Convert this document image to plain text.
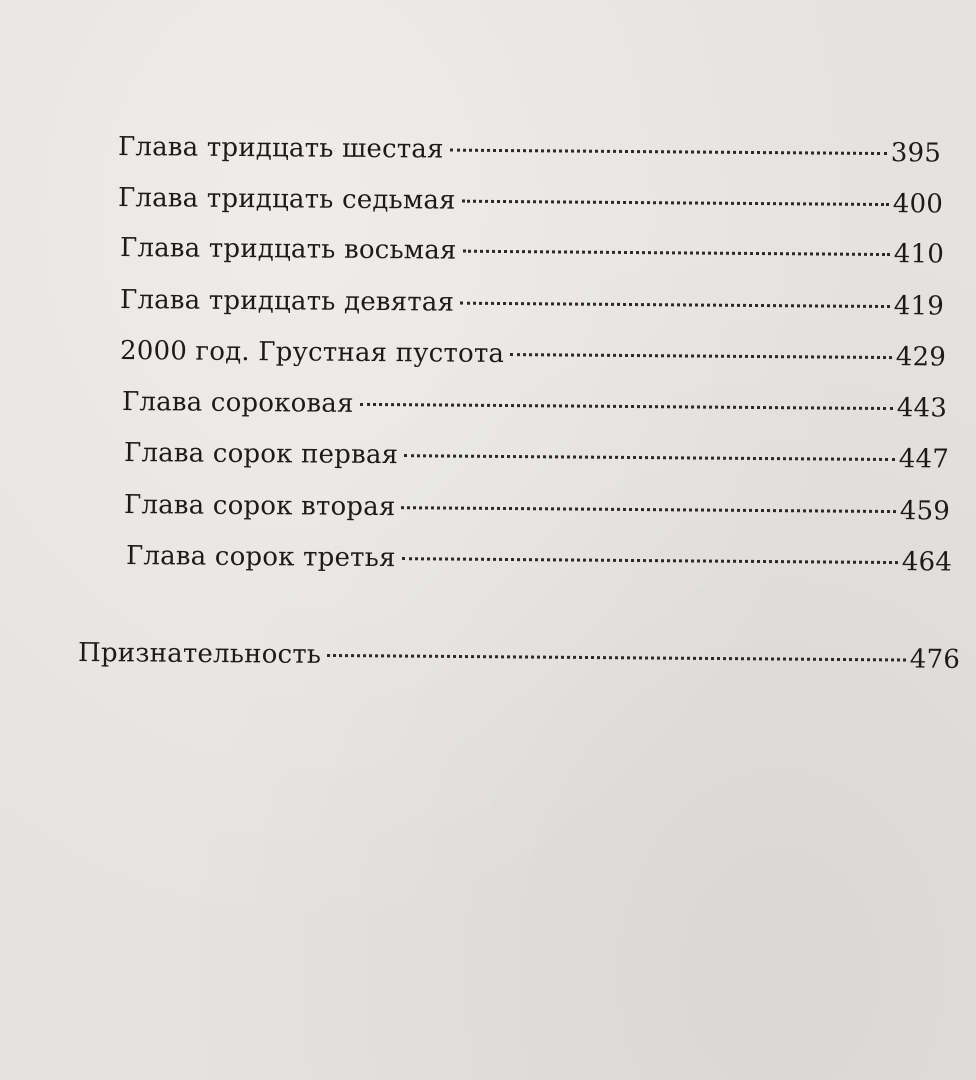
Глава тридцать шестая	395
Глава тридцать седьмая	400
Глава тридцать восьмая	410
Глава тридцать девятая	419
2000 год. Грустная пустота	429
Глава сороковая	443
Глава сорок первая	447
Глава сорок вторая	459
Глава сорок третья	464
Признательность	476
